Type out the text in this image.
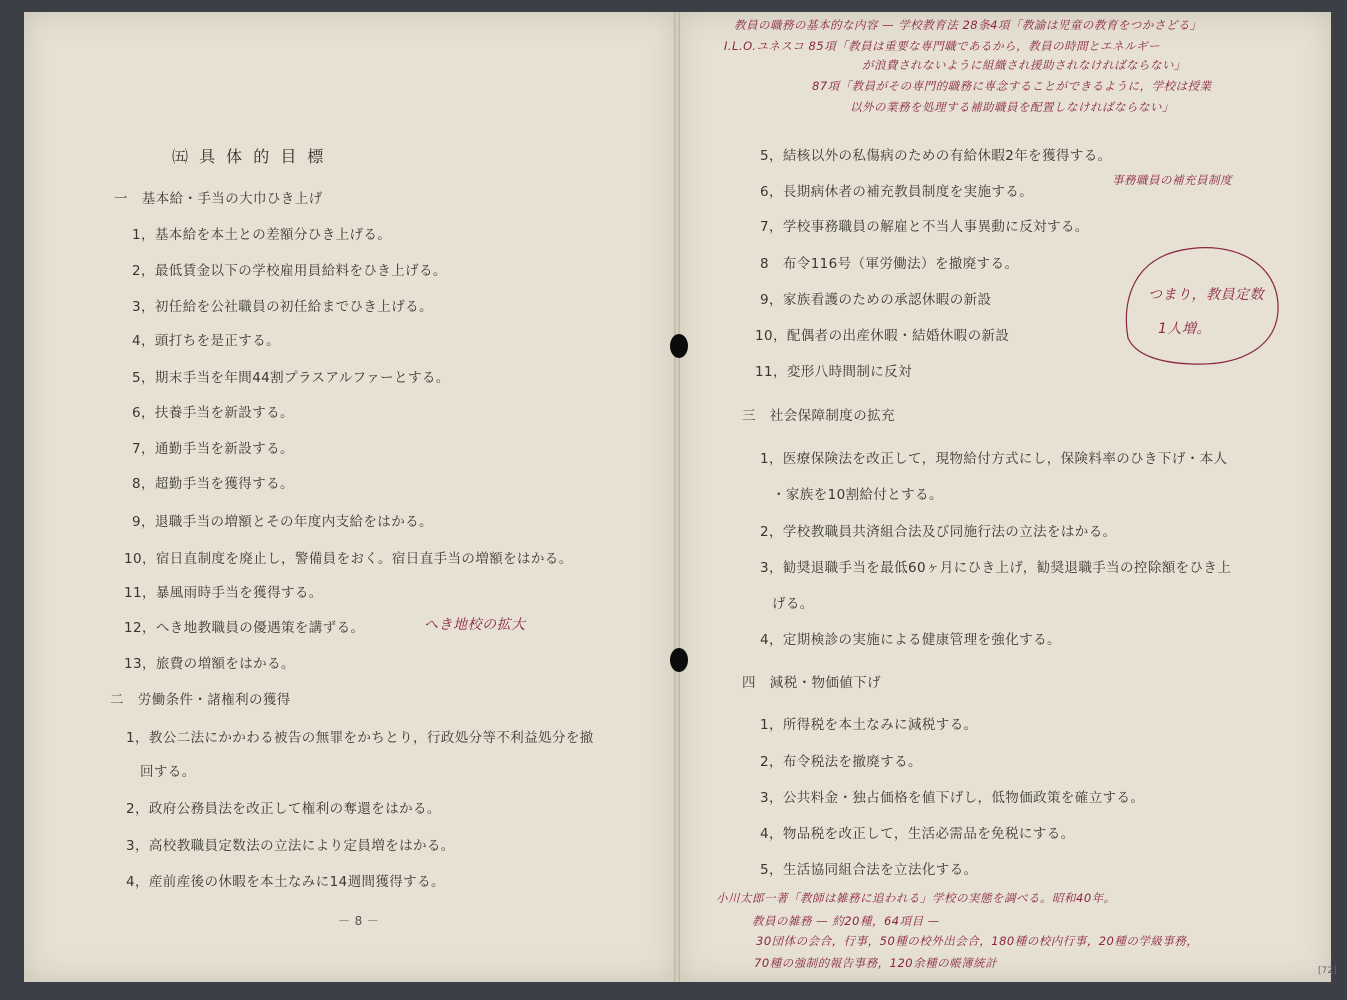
㈤ 具 体 的 目 標
一　基本給・手当の大巾ひき上げ
1，基本給を本土との差額分ひき上げる。
2，最低賃金以下の学校雇用員給料をひき上げる。
3，初任給を公社職員の初任給までひき上げる。
4，頭打ちを是正する。
5，期末手当を年間44割プラスアルファーとする。
6，扶養手当を新設する。
7，通勤手当を新設する。
8，超勤手当を獲得する。
9，退職手当の増額とその年度内支給をはかる。
10，宿日直制度を廃止し，警備員をおく。宿日直手当の増額をはかる。
11，暴風雨時手当を獲得する。
12，へき地教職員の優遇策を講ずる。
13，旅費の増額をはかる。
二　労働条件・諸権利の獲得
1，教公二法にかかわる被告の無罪をかちとり，行政処分等不利益処分を撤
回する。
2，政府公務員法を改正して権利の奪還をはかる。
3，高校教職員定数法の立法により定員増をはかる。
4，産前産後の休暇を本土なみに14週間獲得する。
－ 8 －
へき地校の拡大
教員の職務の基本的な内容 — 学校教育法 28条4項「教諭は児童の教育をつかさどる」
I.L.O.ユネスコ 85項「教員は重要な専門職であるから，教員の時間とエネルギー
が浪費されないように組織され援助されなければならない」
87項「教員がその専門的職務に専念することができるように，学校は授業
以外の業務を処理する補助職員を配置しなければならない」
5，結核以外の私傷病のための有給休暇2年を獲得する。
6，長期病休者の補充教員制度を実施する。
7，学校事務職員の解雇と不当人事異動に反対する。
8　布令116号（軍労働法）を撤廃する。
9，家族看護のための承認休暇の新設
10，配偶者の出産休暇・結婚休暇の新設
11，変形八時間制に反対
事務職員の補充員制度
つまり，教員定数
1人増。
三　社会保障制度の拡充
1，医療保険法を改正して，現物給付方式にし，保険料率のひき下げ・本人
・家族を10割給付とする。
2，学校教職員共済組合法及び同施行法の立法をはかる。
3，勧奨退職手当を最低60ヶ月にひき上げ，勧奨退職手当の控除額をひき上
げる。
4，定期検診の実施による健康管理を強化する。
四　減税・物価値下げ
1，所得税を本土なみに減税する。
2，布令税法を撤廃する。
3，公共料金・独占価格を値下げし，低物価政策を確立する。
4，物品税を改正して，生活必需品を免税にする。
5，生活協同組合法を立法化する。
小川太郎一著「教師は雑務に追われる」学校の実態を調べる。昭和40年。
教員の雑務 — 約20種，64項目 —
30団体の会合，行事，50種の校外出会合，180種の校内行事，20種の学級事務，
70種の強制的報告事務，120余種の帳簿統計
[72]
